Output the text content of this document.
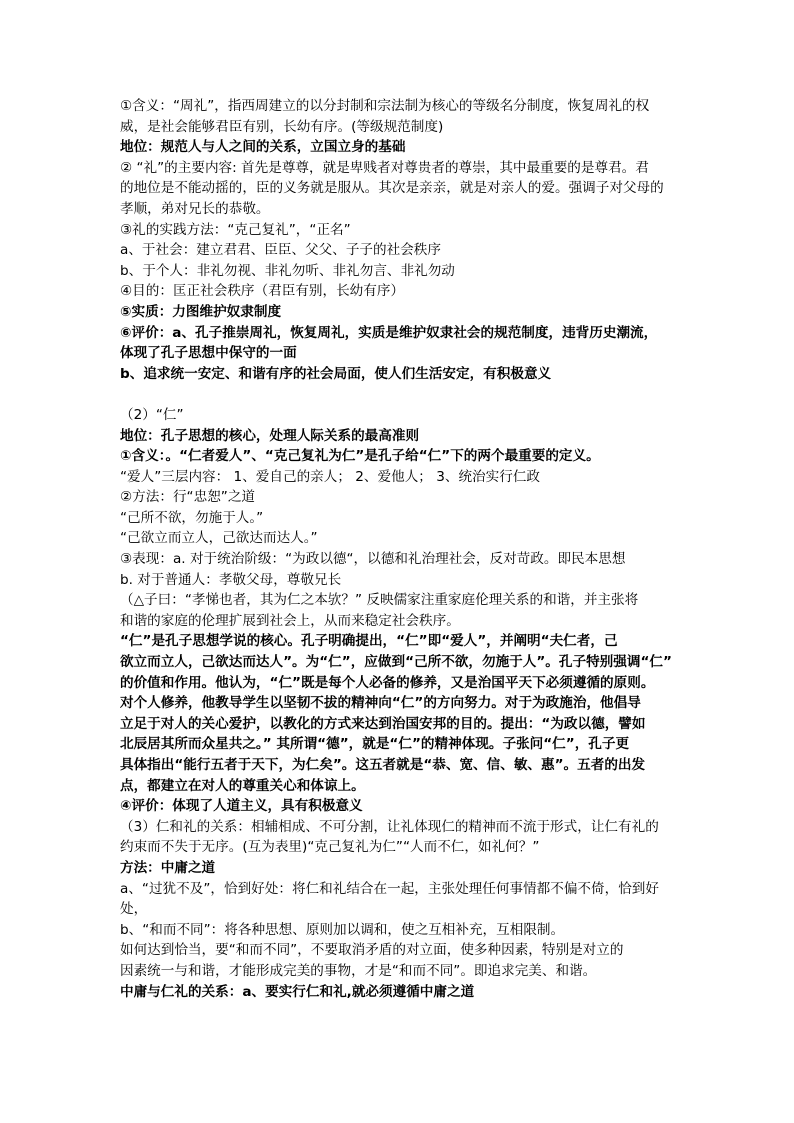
①含义：“周礼”，指西周建立的以分封制和宗法制为核心的等级名分制度，恢复周礼的权

威，是社会能够君臣有别，长幼有序。(等级规范制度)

地位：规范人与人之间的关系，立国立身的基础

② “礼”的主要内容: 首先是尊尊，就是卑贱者对尊贵者的尊崇，其中最重要的是尊君。君

的地位是不能动摇的，臣的义务就是服从。其次是亲亲，就是对亲人的爱。强调子对父母的

孝顺，弟对兄长的恭敬。

③礼的实践方法：“克己复礼”，“正名”

a、于社会：建立君君、臣臣、父父、子子的社会秩序

b、于个人：非礼勿视、非礼勿听、非礼勿言、非礼勿动

④目的：匡正社会秩序（君臣有别，长幼有序）

⑤实质：力图维护奴隶制度

⑥评价：a、孔子推崇周礼，恢复周礼，实质是维护奴隶社会的规范制度，违背历史潮流，

体现了孔子思想中保守的一面

b、追求统一安定、和谐有序的社会局面，使人们生活安定，有积极意义

（2）“仁”

地位：孔子思想的核心，处理人际关系的最高准则

①含义：。“仁者爱人”、“克己复礼为仁”是孔子给“仁”下的两个最重要的定义。

“爱人”三层内容： 1、爱自己的亲人； 2、爱他人； 3、统治实行仁政

②方法：行“忠恕”之道

“己所不欲，勿施于人。”

“己欲立而立人，己欲达而达人。”

③表现：a. 对于统治阶级：“为政以德“，以德和礼治理社会，反对苛政。即民本思想

b. 对于普通人：孝敬父母，尊敬兄长

（△子曰：“孝悌也者，其为仁之本欤？” 反映儒家注重家庭伦理关系的和谐，并主张将

和谐的家庭的伦理扩展到社会上，从而来稳定社会秩序。

“仁”是孔子思想学说的核心。孔子明确提出，“仁”即“爱人”，并阐明“夫仁者，己

欲立而立人，己欲达而达人”。为“仁”，应做到“己所不欲，勿施于人”。孔子特别强调“仁”

的价值和作用。他认为，“仁”既是每个人必备的修养，又是治国平天下必须遵循的原则。

对个人修养，他教导学生以坚韧不拔的精神向“仁”的方向努力。对于为政施治，他倡导

立足于对人的关心爱护，以教化的方式来达到治国安邦的目的。提出：“为政以德，譬如

北辰居其所而众星共之。” 其所谓“德”，就是“仁”的精神体现。子张问“仁”，孔子更

具体指出“能行五者于天下，为仁矣”。这五者就是“恭、宽、信、敏、惠”。五者的出发

点，都建立在对人的尊重关心和体谅上。

④评价：体现了人道主义，具有积极意义

（3）仁和礼的关系：相辅相成、不可分割，让礼体现仁的精神而不流于形式，让仁有礼的

约束而不失于无序。(互为表里)“克己复礼为仁”“人而不仁，如礼何？”

方法：中庸之道

a、“过犹不及”，恰到好处：将仁和礼结合在一起，主张处理任何事情都不偏不倚，恰到好

处，

b、“和而不同”：将各种思想、原则加以调和，使之互相补充，互相限制。

如何达到恰当，要“和而不同”，不要取消矛盾的对立面，使多种因素，特别是对立的

因素统一与和谐，才能形成完美的事物，才是“和而不同”。即追求完美、和谐。

中庸与仁礼的关系：a、要实行仁和礼,就必须遵循中庸之道
